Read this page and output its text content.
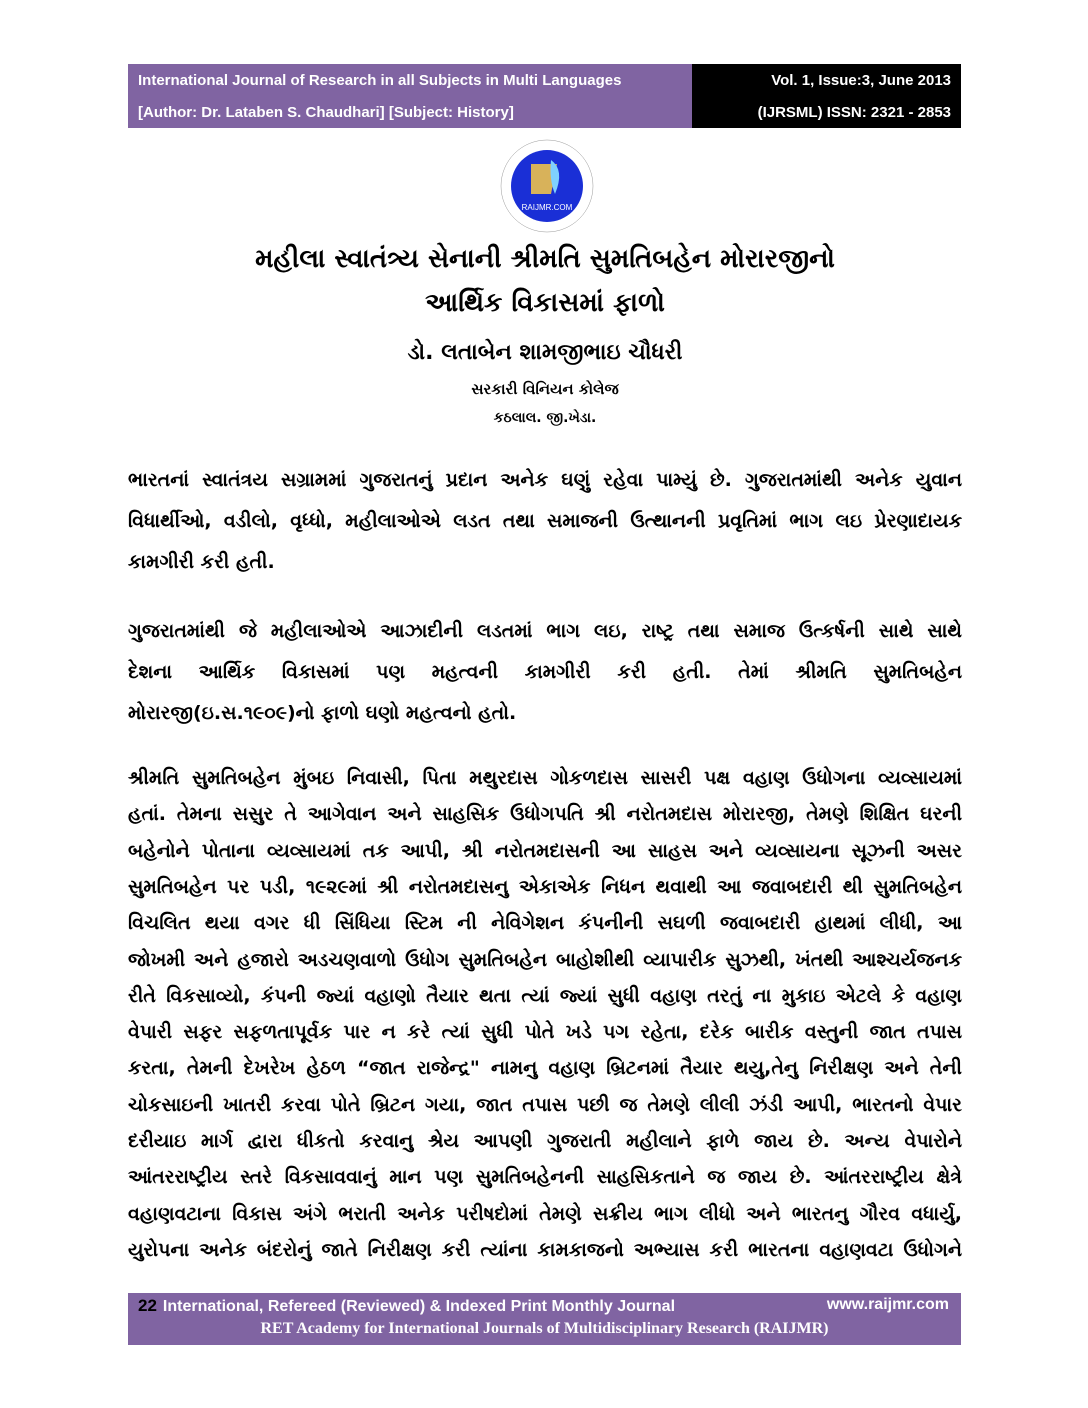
International Journal of Research in all Subjects in Multi Languages
[Author: Dr. Lataben S. Chaudhari] [Subject: History]
Vol. 1, Issue:3, June 2013
(IJRSML) ISSN: 2321 - 2853
RAIJMR.COM
મહીલા સ્વાતંત્ર્ય સેનાની શ્રીમતિ સુમતિબહેન મોરારજીનો
આર્થિક વિકાસમાં ફાળો
ડો. લતાબેન શામજીભાઇ ચૌધરી
સરકારી વિનિયન કોલેજ
કઠલાલ. જી.ખેડા.
ભારતનાં સ્વાતંત્રય સગ્રામમાં ગુજરાતનું પ્રદાન અનેક ઘણું રહેવા પામ્યું છે. ગુજરાતમાંથી અનેક યુવાન
વિધાર્થીઓ, વડીલો, વૃધ્ધો, મહીલાઓએ લડત તથા સમાજની ઉત્થાનની પ્રવૃતિમાં ભાગ લઇ પ્રેરણાદાયક
કામગીરી કરી હતી.
ગુજરાતમાંથી જે મહીલાઓએ આઝાદીની લડતમાં ભાગ લઇ, રાષ્ટ્ર તથા સમાજ ઉત્કર્ષની સાથે સાથે
દેશના આર્થિક વિકાસમાં પણ મહત્વની કામગીરી કરી હતી. તેમાં શ્રીમતિ સુમતિબહેન
મોરારજી(ઇ.સ.૧૯૦૯)નો ફાળો ઘણો મહત્વનો હતો.
શ્રીમતિ સુમતિબહેન મુંબઇ નિવાસી, પિતા મથુરદાસ ગોકળદાસ સાસરી પક્ષ વહાણ ઉધોગના વ્યવ્સાયમાં
હતાં. તેમના સસુર તે આગેવાન અને સાહસિક ઉધોગપતિ શ્રી નરોતમદાસ મોરારજી, તેમણે શિક્ષિત ઘરની
બહેનોને પોતાના વ્યવ્સાયમાં તક આપી, શ્રી નરોતમદાસની આ સાહસ અને વ્યવ્સાયના સૂઝની અસર
સુમતિબહેન પર પડી, ૧૯૨૯માં શ્રી નરોતમદાસનુ એકાએક નિધન થવાથી આ જવાબદારી થી સુમતિબહેન
વિચલિત થયા વગર ધી સિંધિયા સ્ટિમ ની નેવિગેશન કંપનીની સઘળી જવાબદારી હાથમાં લીધી, આ
જોખમી અને હજારો અડચણવાળો ઉધોગ સુમતિબહેન બાહોશીથી વ્યાપારીક સુઝથી, ખંતથી આશ્ચર્યજનક
રીતે વિકસાવ્યો, કંપની જ્યાં વહાણો તૈયાર થતા ત્યાં જ્યાં સુધી વહાણ તરતું ના મુકાઇ એટલે કે વહાણ
વેપારી સફર સફળતાપૂર્વક પાર ન કરે ત્યાં સુધી પોતે ખડે પગ રહેતા, દરેક બારીક વસ્તુની જાત તપાસ
કરતા, તેમની દેખરેખ હેઠળ “જાત રાજેન્દ્ર" નામનુ વહાણ બ્રિટનમાં તૈયાર થયુ,તેનુ નિરીક્ષણ અને તેની
ચોકસાઇની ખાતરી કરવા પોતે બ્રિટન ગયા, જાત તપાસ પછી જ તેમણે લીલી ઝંડી આપી, ભારતનો વેપાર
દરીયાઇ માર્ગ દ્વારા ધીકતો કરવાનુ શ્રેય આપણી ગુજરાતી મહીલાને ફાળે જાય છે. અન્ય વેપારોને
આંતરરાષ્ટ્રીય સ્તરે વિકસાવવાનું માન પણ સુમતિબહેનની સાહસિકતાને જ જાય છે. આંતરરાષ્ટ્રીય ક્ષેત્રે
વહાણવટાના વિકાસ અંગે ભરાતી અનેક પરીષદોમાં તેમણે સક્રીય ભાગ લીધો અને ભારતનુ ગૌરવ વધાર્યુ,
યુરોપના અનેક બંદરોનું જાતે નિરીક્ષણ કરી ત્યાંના કામકાજનો અભ્યાસ કરી ભારતના વહાણવટા ઉધોગને
22 International, Refereed (Reviewed) & Indexed Print Monthly Journal	www.raijmr.com
RET Academy for International Journals of Multidisciplinary Research (RAIJMR)
